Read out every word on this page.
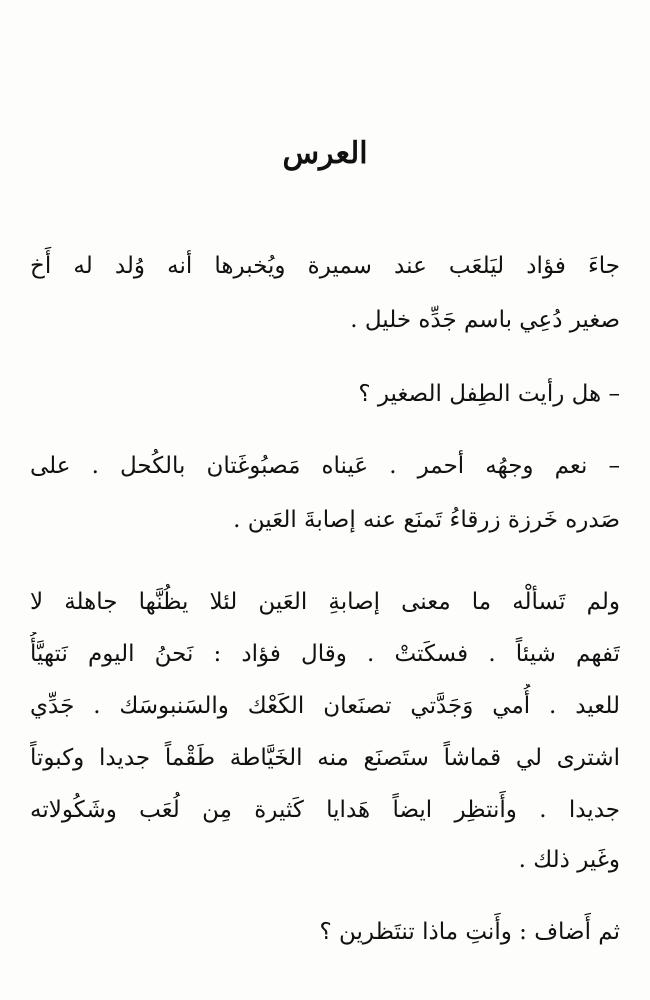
العرس
جاءَ فؤاد ليَلعَب عند سميرة ويُخبرها أنه وُلد له أَخ
صغير دُعِي باسم جَدِّه خليل .
– هل رأيت الطِفل الصغير ؟
– نعم وجهُه أحمر . عَيناه مَصبُوغَتان بالكُحل . على
صَدره خَرزة زرقاءُ تَمنَع عنه إصابةَ العَين .
ولم تَسألْه ما معنى إصابةِ العَين لئلا يظُنَّها جاهلة لا
تَفهم شيئاً . فسكَتتْ . وقال فؤاد : نَحنُ اليوم نَتهيَّأُ
للعيد . أُمي وَجَدَّتي تصنَعان الكَعْك والسَنبوسَك . جَدِّي
اشترى لي قماشاً ستَصنَع منه الخَيَّاطة طَقْماً جديدا وكبوتاً
جديدا . وأَنتظِر ايضاً هَدايا كَثيرة مِن لُعَب وشَكُولاته
وغَير ذلك .
ثم أَضاف : وأَنتِ ماذا تنتَظرين ؟
